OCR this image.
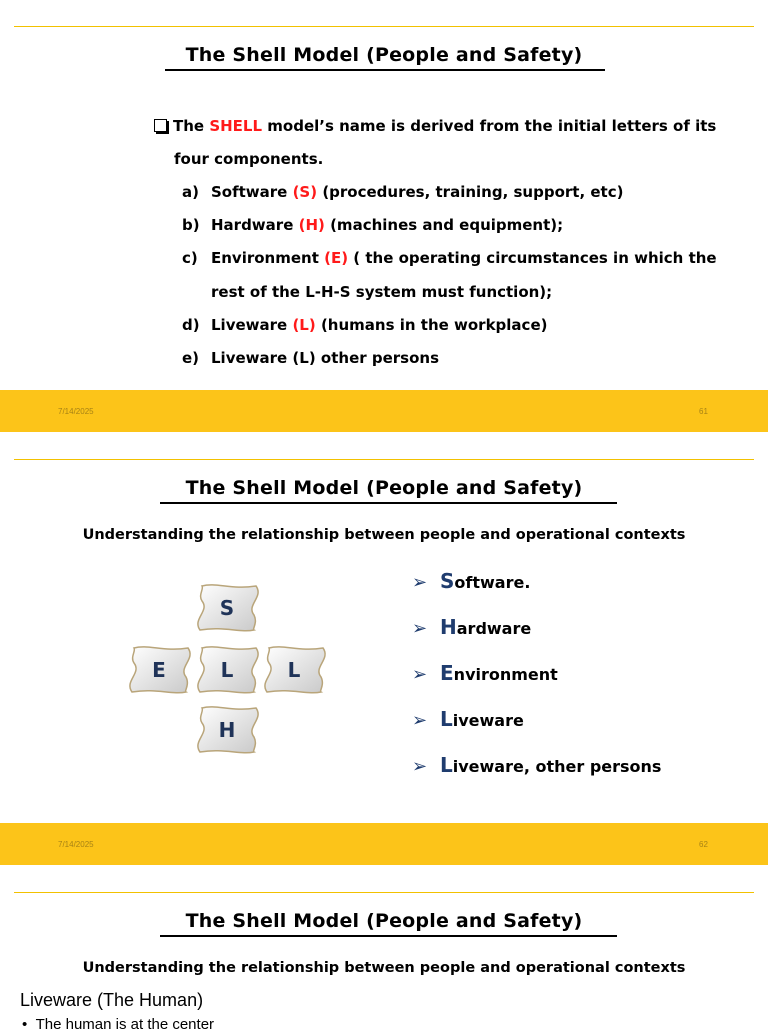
The Shell Model (People and Safety)
The SHELL model’s name is derived from the initial letters of its
four components.
a) Software (S) (procedures, training, support, etc)
b) Hardware (H) (machines and equipment);
c) Environment (E) ( the operating circumstances in which the
rest of the L-H-S system must function);
d) Liveware (L) (humans in the workplace)
e) Liveware (L) other persons
7/14/2025	61
The Shell Model (People and Safety)
Understanding the relationship between people and operational contexts
S
E	L	L
H
➢ Software.
➢ Hardware
➢ Environment
➢ Liveware
➢ Liveware, other persons
7/14/2025	62
The Shell Model (People and Safety)
Understanding the relationship between people and operational contexts
Liveware (The Human)
•  The human is at the center
